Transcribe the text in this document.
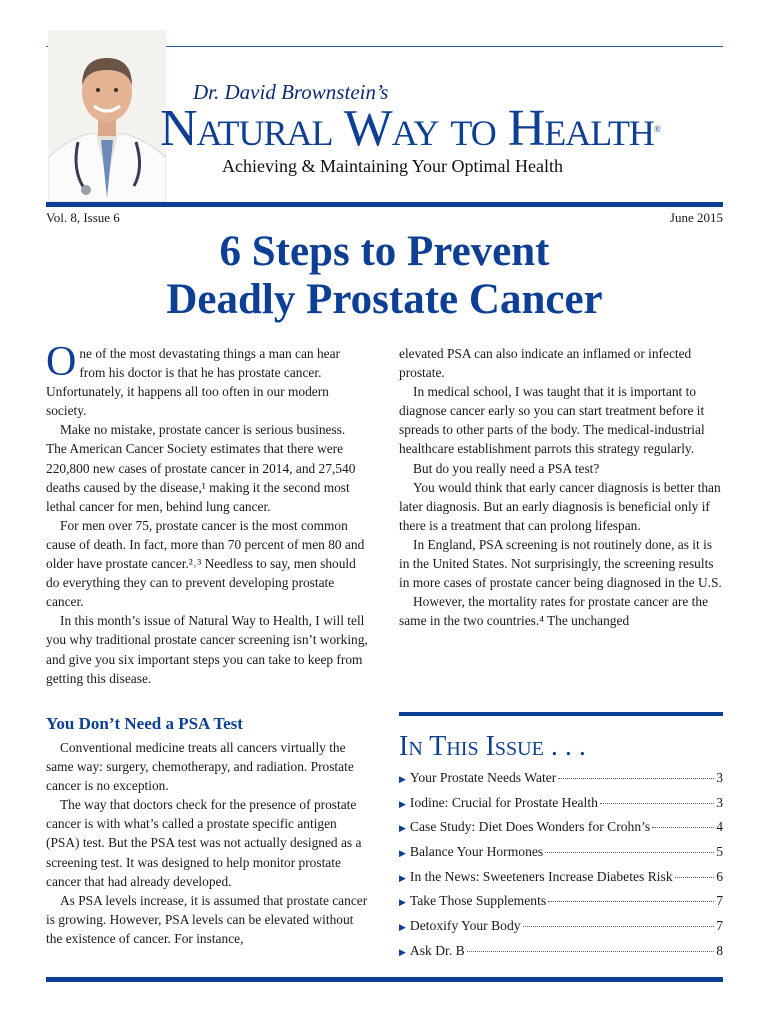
Dr. David Brownstein’s
Natural Way to Health®
Achieving & Maintaining Your Optimal Health
Vol. 8, Issue 6	June 2015
6 Steps to Prevent
Deadly Prostate Cancer

One of the most devastating things a man can hear from his doctor is that he has prostate cancer. Unfortunately, it happens all too often in our modern society.

Make no mistake, prostate cancer is serious business. The American Cancer Society estimates that there were 220,800 new cases of prostate cancer in 2014, and 27,540 deaths caused by the disease,¹ making it the second most lethal cancer for men, behind lung cancer.

For men over 75, prostate cancer is the most common cause of death. In fact, more than 70 percent of men 80 and older have prostate cancer.²˒³ Needless to say, men should do everything they can to prevent developing prostate cancer.

In this month’s issue of Natural Way to Health, I will tell you why traditional prostate cancer screening isn’t working, and give you six important steps you can take to keep from getting this disease.

You Don’t Need a PSA Test

Conventional medicine treats all cancers virtually the same way: surgery, chemotherapy, and radiation. Prostate cancer is no exception.

The way that doctors check for the presence of prostate cancer is with what’s called a prostate specific antigen (PSA) test. But the PSA test was not actually designed as a screening test. It was designed to help monitor prostate cancer that had already developed.

As PSA levels increase, it is assumed that prostate cancer is growing. However, PSA levels can be elevated without the existence of cancer. For instance,

elevated PSA can also indicate an inflamed or infected prostate.

In medical school, I was taught that it is important to diagnose cancer early so you can start treatment before it spreads to other parts of the body. The medical-industrial healthcare establishment parrots this strategy regularly.

But do you really need a PSA test?

You would think that early cancer diagnosis is better than later diagnosis. But an early diagnosis is beneficial only if there is a treatment that can prolong lifespan.

In England, PSA screening is not routinely done, as it is in the United States. Not surprisingly, the screening results in more cases of prostate cancer being diagnosed in the U.S.

However, the mortality rates for prostate cancer are the same in the two countries.⁴ The unchanged

In This Issue . . .
▶ Your Prostate Needs Water	3
▶ Iodine: Crucial for Prostate Health	3
▶ Case Study: Diet Does Wonders for Crohn’s	4
▶ Balance Your Hormones	5
▶ In the News: Sweeteners Increase Diabetes Risk	6
▶ Take Those Supplements	7
▶ Detoxify Your Body	7
▶ Ask Dr. B	8
